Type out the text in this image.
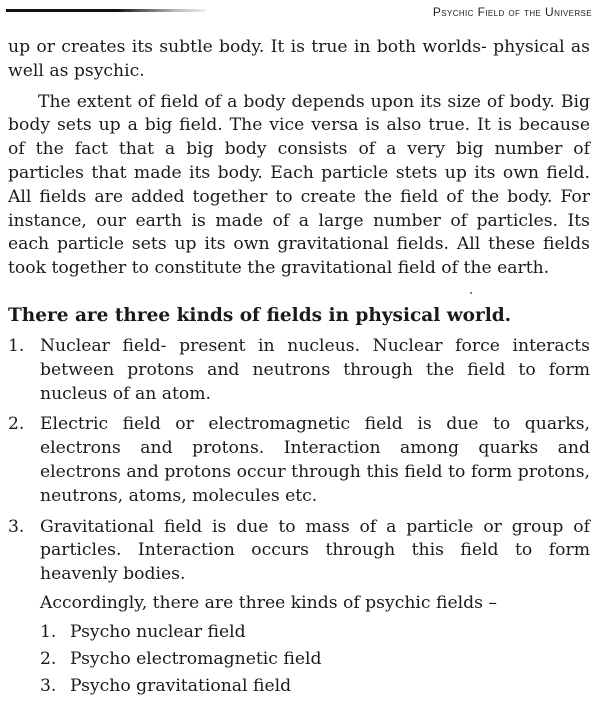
Psychic Field of the Universe

up or creates its subtle body. It is true in both worlds- physical as well as psychic.

The extent of field of a body depends upon its size of body. Big body sets up a big field. The vice versa is also true. It is because of the fact that a big body consists of a very big number of particles that made its body. Each particle stets up its own field. All fields are added together to create the field of the body. For instance, our earth is made of a large number of particles. Its each particle sets up its own gravitational fields. All these fields took together to constitute the gravitational field of the earth.

There are three kinds of fields in physical world.
1. Nuclear field- present in nucleus. Nuclear force interacts between protons and neutrons through the field to form nucleus of an atom.
2. Electric field or electromagnetic field is due to quarks, electrons and protons. Interaction among quarks and electrons and protons occur through this field to form protons, neutrons, atoms, molecules etc.
3. Gravitational field is due to mass of a particle or group of particles. Interaction occurs through this field to form heavenly bodies.

Accordingly, there are three kinds of psychic fields –

1. Psycho nuclear field
2. Psycho electromagnetic field
3. Psycho gravitational field
